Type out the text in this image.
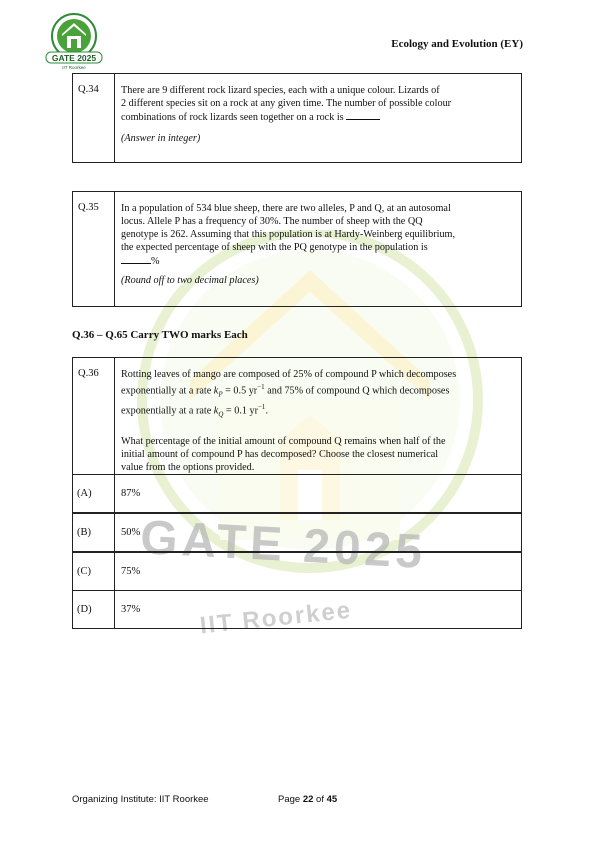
GATE 2025
IIT Roorkee
GATE 2025
IIT Roorkee
Ecology and Evolution (EY)
Q.34	There are 9 different rock lizard species, each with a unique colour. Lizards of

2 different species sit on a rock at any given time. The number of possible colour

combinations of rock lizards seen together on a rock is

(Answer in integer)

Q.35	In a population of 534 blue sheep, there are two alleles, P and Q, at an autosomal

locus. Allele P has a frequency of 30%. The number of sheep with the QQ

genotype is 262. Assuming that this population is at Hardy-Weinberg equilibrium,

the expected percentage of sheep with the PQ genotype in the population is

%

(Round off to two decimal places)

Q.36 – Q.65 Carry TWO marks Each
Q.36	Rotting leaves of mango are composed of 25% of compound P which decomposes

exponentially at a rate $k_P = 0.5$ $yr^{-1}$ and 75% of compound Q which decomposes

exponentially at a rate $k_Q = 0.1$ $yr^{-1}$.

What percentage of the initial amount of compound Q remains when half of the

initial amount of compound P has decomposed? Choose the closest numerical

value from the options provided.

(A)	87%
(B)	50%
(C)	75%
(D)	37%
Organizing Institute: IIT Roorkee	Page 22 of 45
